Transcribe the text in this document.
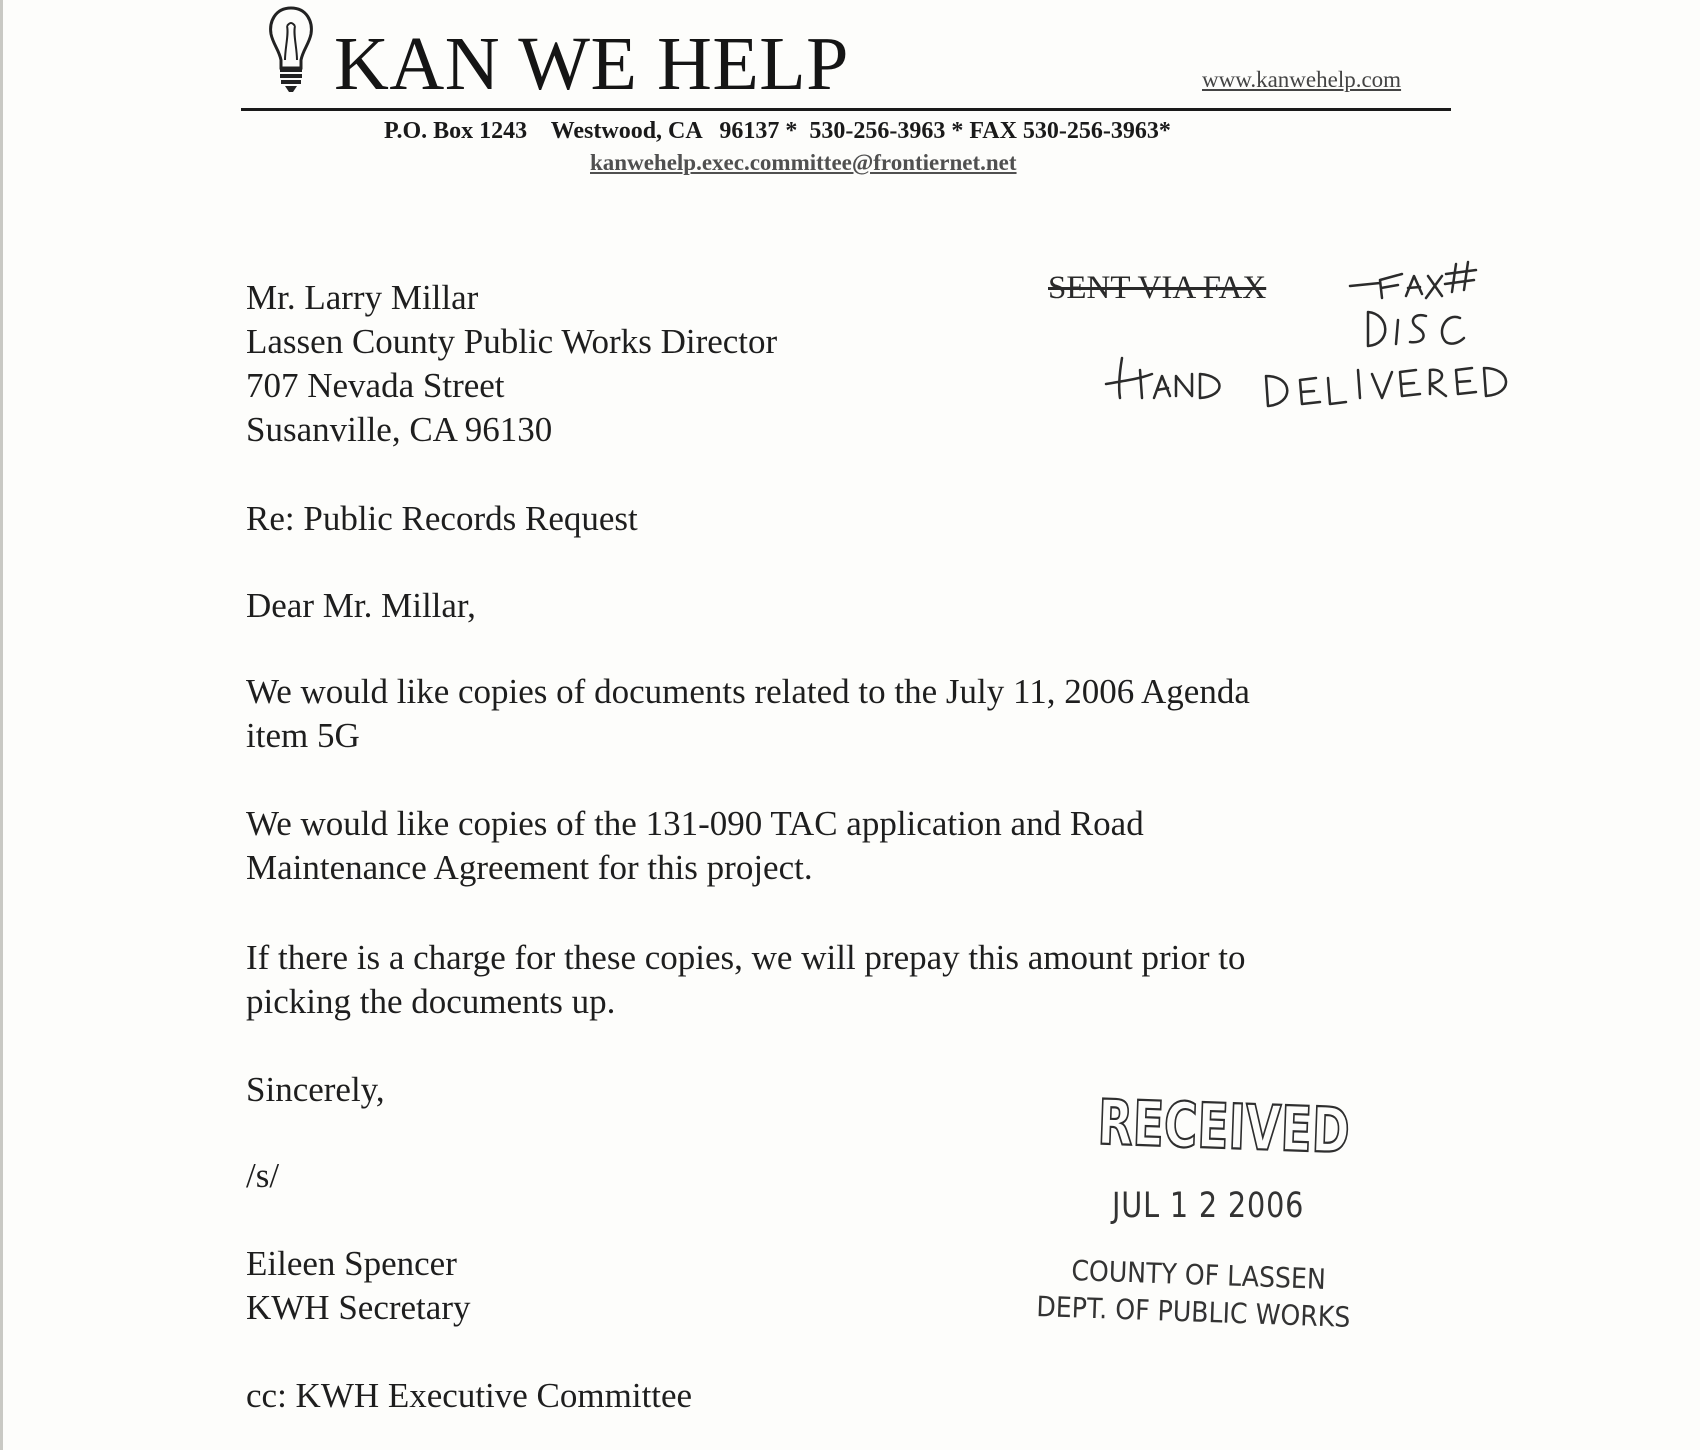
KAN WE HELP	www.kanwehelp.com
P.O. Box 1243    Westwood, CA   96137 *  530-256-3963 * FAX 530-256-3963*
kanwehelp.exec.committee@frontiernet.net
Mr. Larry Millar
Lassen County Public Works Director
707 Nevada Street
Susanville, CA 96130
SENT VIA FAX
Re: Public Records Request
Dear Mr. Millar,
We would like copies of documents related to the July 11, 2006 Agenda
item 5G
We would like copies of the 131-090 TAC application and Road
Maintenance Agreement for this project.
If there is a charge for these copies, we will prepay this amount prior to
picking the documents up.
Sincerely,
/s/
Eileen Spencer
KWH Secretary
cc: KWH Executive Committee
RECEIVED
JUL 1 2 2006
COUNTY OF LASSEN
DEPT. OF PUBLIC WORKS
